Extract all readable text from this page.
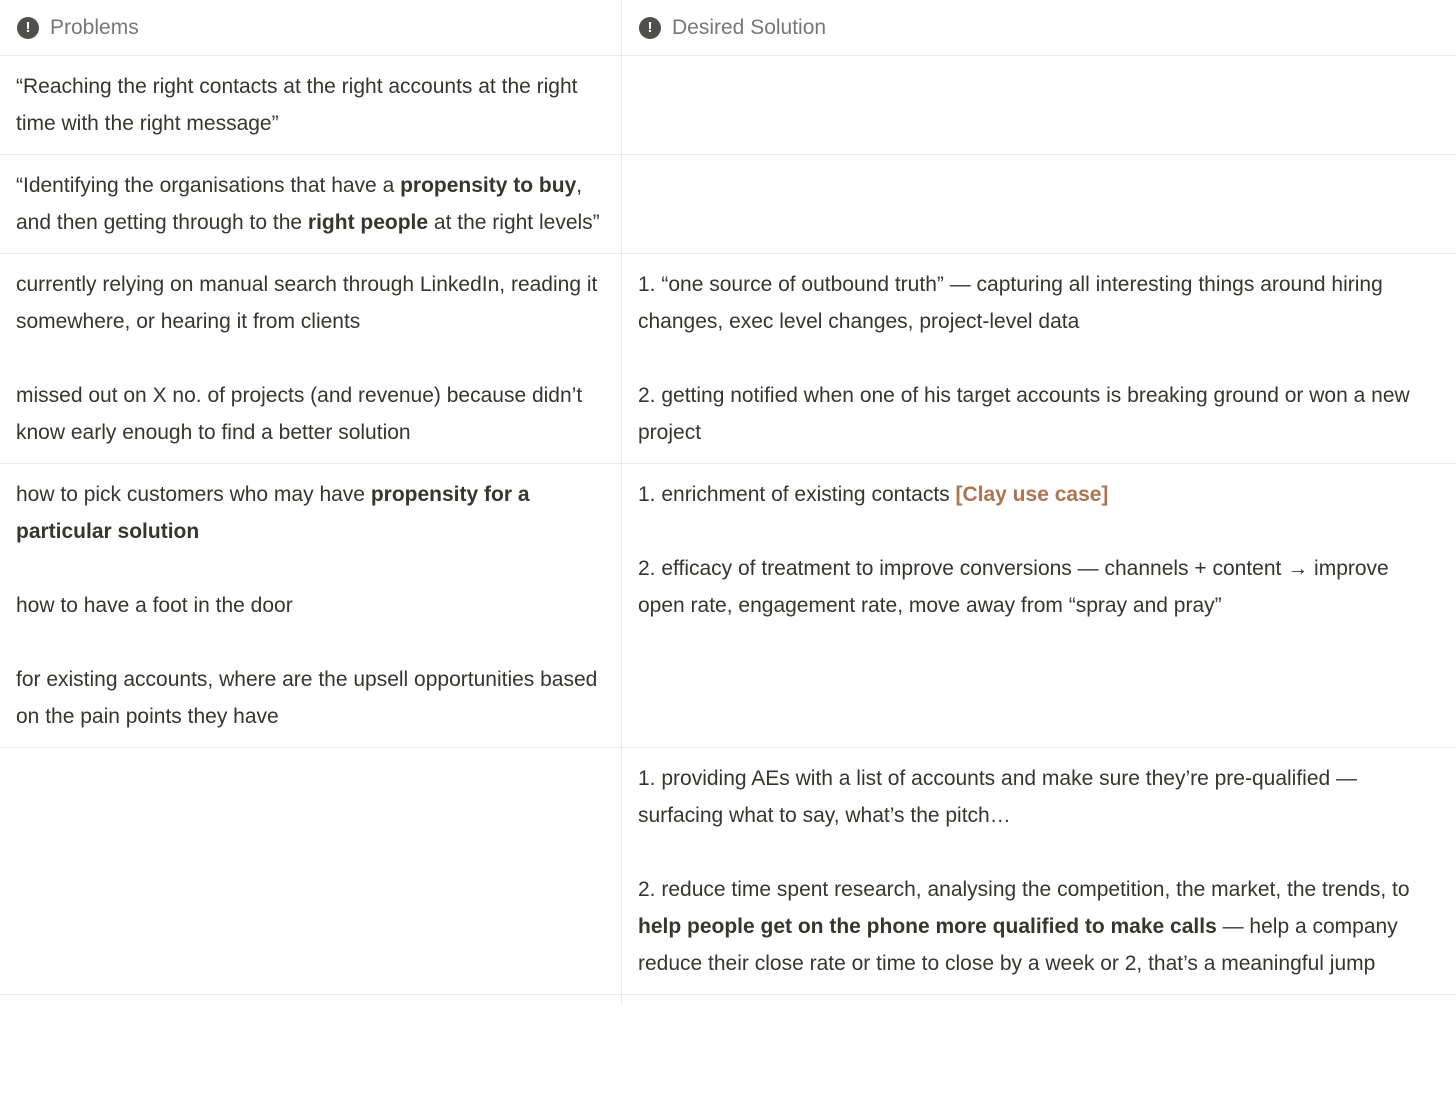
! Problems	! Desired Solution

“Reaching the right contacts at the right accounts at the right time with the right message”

“Identifying the organisations that have a propensity to buy, and then getting through to the right people at the right levels”

currently relying on manual search through LinkedIn, reading it somewhere, or hearing it from clients

missed out on X no. of projects (and revenue) because didn’t know early enough to find a better solution

1. “one source of outbound truth” — capturing all interesting things around hiring changes, exec level changes, project-level data

2. getting notified when one of his target accounts is breaking ground or won a new project

how to pick customers who may have propensity for a particular solution

how to have a foot in the door

for existing accounts, where are the upsell opportunities based on the pain points they have

1. enrichment of existing contacts [Clay use case]

2. efficacy of treatment to improve conversions — channels + content → improve open rate, engagement rate, move away from “spray and pray”

1. providing AEs with a list of accounts and make sure they’re pre-qualified — surfacing what to say, what’s the pitch…

2. reduce time spent research, analysing the competition, the market, the trends, to help people get on the phone more qualified to make calls — help a company reduce their close rate or time to close by a week or 2, that’s a meaningful jump
